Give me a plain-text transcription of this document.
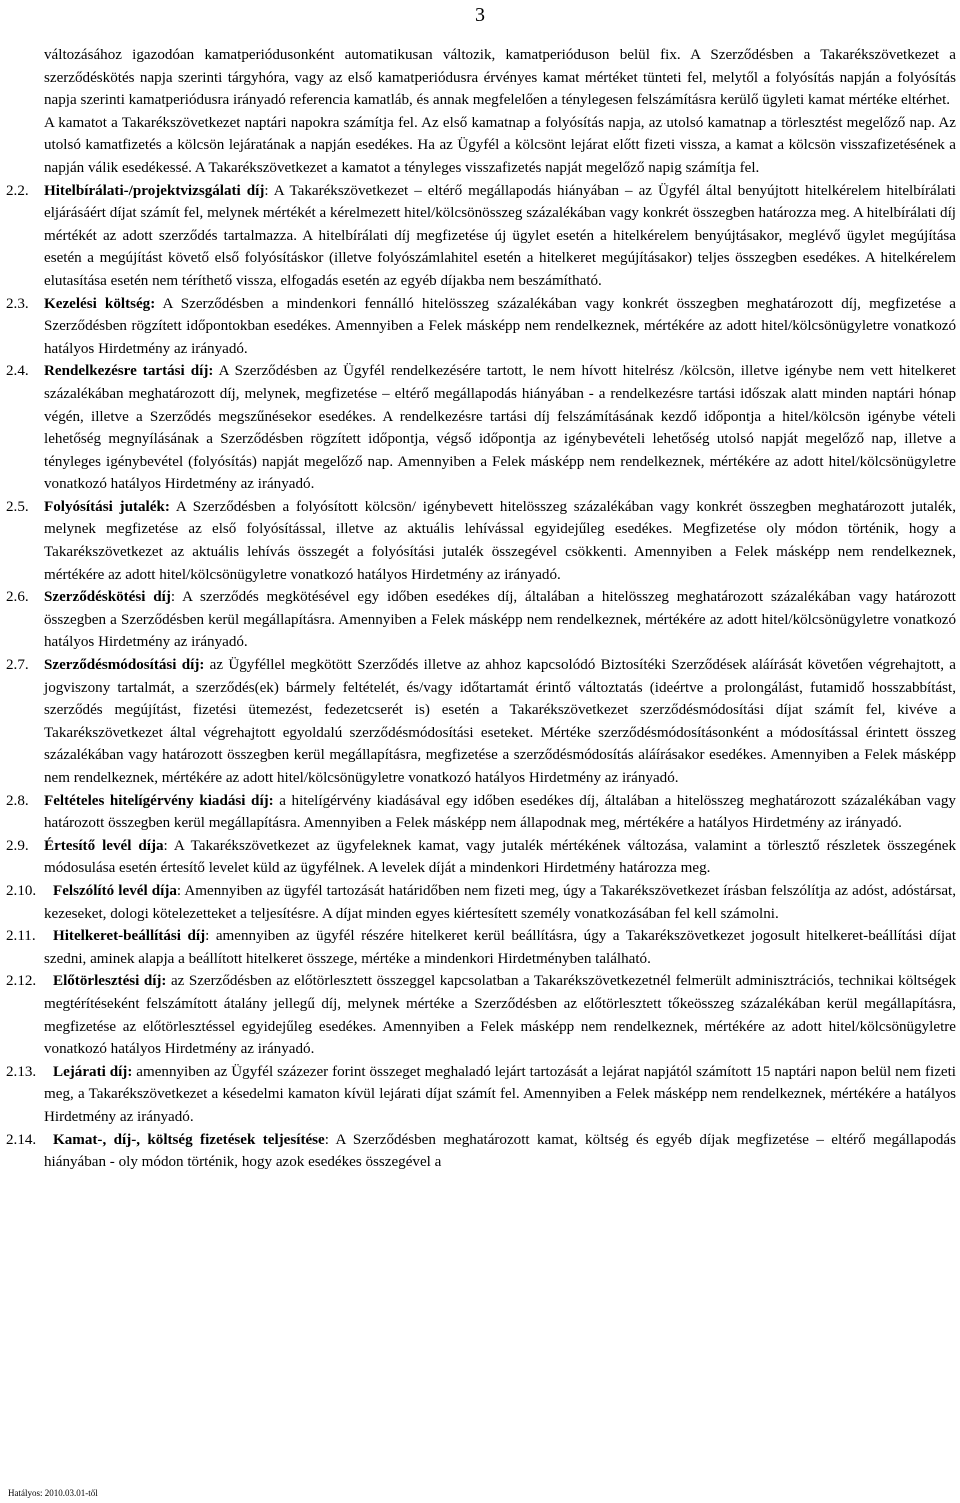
3

változásához igazodóan kamatperiódusonként automatikusan változik, kamatperióduson belül fix. A Szerződésben a Takarékszövetkezet a szerződéskötés napja szerinti tárgyhóra, vagy az első kamatperiódusra érvényes kamat mértéket tünteti fel, melytől a folyósítás napján a folyósítás napja szerinti kamatperiódusra irányadó referencia kamatláb, és annak megfelelően a ténylegesen felszámításra kerülő ügyleti kamat mértéke eltérhet.

A kamatot a Takarékszövetkezet naptári napokra számítja fel. Az első kamatnap a folyósítás napja, az utolsó kamatnap a törlesztést megelőző nap. Az utolsó kamatfizetés a kölcsön lejáratának a napján esedékes. Ha az Ügyfél a kölcsönt lejárat előtt fizeti vissza, a kamat a kölcsön visszafizetésének a napján válik esedékessé. A Takarékszövetkezet a kamatot a tényleges visszafizetés napját megelőző napig számítja fel.

2.2. Hitelbírálati-/projektvizsgálati díj: A Takarékszövetkezet – eltérő megállapodás hiányában – az Ügyfél által benyújtott hitelkérelem hitelbírálati eljárásáért díjat számít fel, melynek mértékét a kérelmezett hitel/kölcsönösszeg százalékában vagy konkrét összegben határozza meg. A hitelbírálati díj mértékét az adott szerződés tartalmazza. A hitelbírálati díj megfizetése új ügylet esetén a hitelkérelem benyújtásakor, meglévő ügylet megújítása esetén a megújítást követő első folyósításkor (illetve folyószámlahitel esetén a hitelkeret megújításakor) teljes összegben esedékes. A hitelkérelem elutasítása esetén nem téríthető vissza, elfogadás esetén az egyéb díjakba nem beszámítható.
2.3. Kezelési költség: A Szerződésben a mindenkori fennálló hitelösszeg százalékában vagy konkrét összegben meghatározott díj, megfizetése a Szerződésben rögzített időpontokban esedékes. Amennyiben a Felek másképp nem rendelkeznek, mértékére az adott hitel/kölcsönügyletre vonatkozó hatályos Hirdetmény az irányadó.
2.4. Rendelkezésre tartási díj: A Szerződésben az Ügyfél rendelkezésére tartott, le nem hívott hitelrész /kölcsön, illetve igénybe nem vett hitelkeret százalékában meghatározott díj, melynek, megfizetése – eltérő megállapodás hiányában - a rendelkezésre tartási időszak alatt minden naptári hónap végén, illetve a Szerződés megszűnésekor esedékes. A rendelkezésre tartási díj felszámításának kezdő időpontja a hitel/kölcsön igénybe vételi lehetőség megnyílásának a Szerződésben rögzített időpontja, végső időpontja az igénybevételi lehetőség utolsó napját megelőző nap, illetve a tényleges igénybevétel (folyósítás) napját megelőző nap. Amennyiben a Felek másképp nem rendelkeznek, mértékére az adott hitel/kölcsönügyletre vonatkozó hatályos Hirdetmény az irányadó.
2.5. Folyósítási jutalék: A Szerződésben a folyósított kölcsön/ igénybevett hitelösszeg százalékában vagy konkrét összegben meghatározott jutalék, melynek megfizetése az első folyósítással, illetve az aktuális lehívással egyidejűleg esedékes. Megfizetése oly módon történik, hogy a Takarékszövetkezet az aktuális lehívás összegét a folyósítási jutalék összegével csökkenti. Amennyiben a Felek másképp nem rendelkeznek, mértékére az adott hitel/kölcsönügyletre vonatkozó hatályos Hirdetmény az irányadó.
2.6. Szerződéskötési díj: A szerződés megkötésével egy időben esedékes díj, általában a hitelösszeg meghatározott százalékában vagy határozott összegben a Szerződésben kerül megállapításra. Amennyiben a Felek másképp nem rendelkeznek, mértékére az adott hitel/kölcsönügyletre vonatkozó hatályos Hirdetmény az irányadó.
2.7. Szerződésmódosítási díj: az Ügyféllel megkötött Szerződés illetve az ahhoz kapcsolódó Biztosítéki Szerződések aláírását követően végrehajtott, a jogviszony tartalmát, a szerződés(ek) bármely feltételét, és/vagy időtartamát érintő változtatás (ideértve a prolongálást, futamidő hosszabbítást, szerződés megújítást, fizetési ütemezést, fedezetcserét is) esetén a Takarékszövetkezet szerződésmódosítási díjat számít fel, kivéve a Takarékszövetkezet által végrehajtott egyoldalú szerződésmódosítási eseteket. Mértéke szerződésmódosításonként a módosítással érintett összeg százalékában vagy határozott összegben kerül megállapításra, megfizetése a szerződésmódosítás aláírásakor esedékes. Amennyiben a Felek másképp nem rendelkeznek, mértékére az adott hitel/kölcsönügyletre vonatkozó hatályos Hirdetmény az irányadó.
2.8. Feltételes hitelígérvény kiadási díj: a hitelígérvény kiadásával egy időben esedékes díj, általában a hitelösszeg meghatározott százalékában vagy határozott összegben kerül megállapításra. Amennyiben a Felek másképp nem állapodnak meg, mértékére a hatályos Hirdetmény az irányadó.
2.9. Értesítő levél díja: A Takarékszövetkezet az ügyfeleknek kamat, vagy jutalék mértékének változása, valamint a törlesztő részletek összegének módosulása esetén értesítő levelet küld az ügyfélnek. A levelek díját a mindenkori Hirdetmény határozza meg.
2.10.	Felszólító levél díja: Amennyiben az ügyfél tartozását határidőben nem fizeti meg, úgy a Takarékszövetkezet írásban felszólítja az adóst, adóstársat, kezeseket, dologi kötelezetteket a teljesítésre. A díjat minden egyes kiértesített személy vonatkozásában fel kell számolni.
2.11.	Hitelkeret-beállítási díj: amennyiben az ügyfél részére hitelkeret kerül beállításra, úgy a Takarékszövetkezet jogosult hitelkeret-beállítási díjat szedni, aminek alapja a beállított hitelkeret összege, mértéke a mindenkori Hirdetményben található.
2.12.	Előtörlesztési díj: az Szerződésben az előtörlesztett összeggel kapcsolatban a Takarékszövetkezetnél felmerült adminisztrációs, technikai költségek megtérítéseként felszámított átalány jellegű díj, melynek mértéke a Szerződésben az előtörlesztett tőkeösszeg százalékában kerül megállapításra, megfizetése az előtörlesztéssel egyidejűleg esedékes. Amennyiben a Felek másképp nem rendelkeznek, mértékére az adott hitel/kölcsönügyletre vonatkozó hatályos Hirdetmény az irányadó.
2.13.	Lejárati díj: amennyiben az Ügyfél százezer forint összeget meghaladó lejárt tartozását a lejárat napjától számított 15 naptári napon belül nem fizeti meg, a Takarékszövetkezet a késedelmi kamaton kívül lejárati díjat számít fel. Amennyiben a Felek másképp nem rendelkeznek, mértékére a hatályos Hirdetmény az irányadó.
2.14.	Kamat-, díj-, költség fizetések teljesítése: A Szerződésben meghatározott kamat, költség és egyéb díjak megfizetése – eltérő megállapodás hiányában - oly módon történik, hogy azok esedékes összegével a
Hatályos: 2010.03.01-től
